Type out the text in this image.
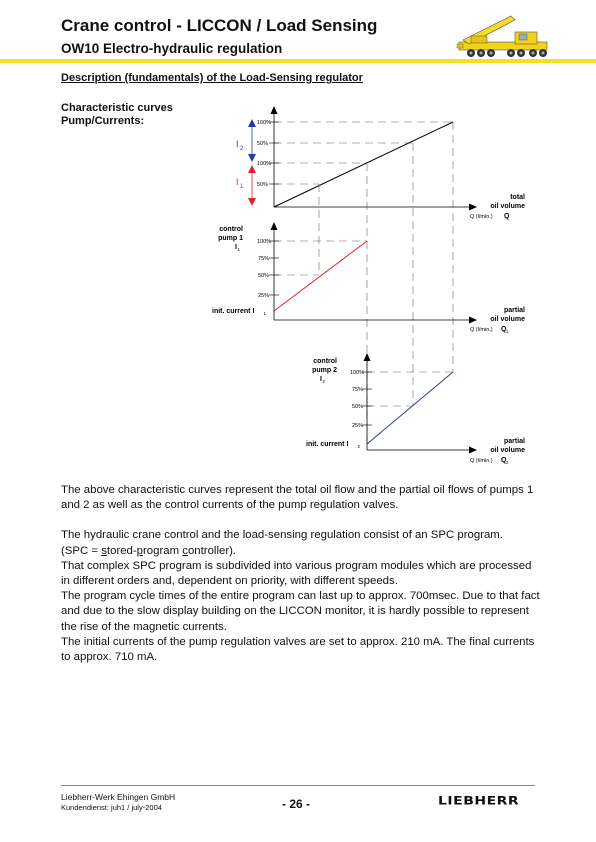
Crane control - LICCON / Load Sensing
OW10 Electro-hydraulic regulation
Description (fundamentals) of the Load-Sensing regulator
Characteristic curves
Pump/Currents:	100%
50%
100%
50%
I 2
I 1
total
oil volume
Q (l/min.) Q
100%
75%
50%
25%
control
pump 1
I 1
init. current I 1	partial
oil volume
Q (l/min.) Q 1
100%
75%
50%
25%
control
pump 2
I 2
init. current I 2
partial
oil volume
Q (l/min.) Q 2

The above characteristic curves represent the total oil flow and the partial oil flows of pumps 1 and 2 as well as the control currents of the pump regulation valves.

The hydraulic crane control and the load-sensing regulation consist of an SPC program.

(SPC = stored-program controller).

That complex SPC program is subdivided into various program modules which are processed in different orders and, dependent on priority, with different speeds.

The program cycle times of the entire program can last up to approx. 700msec. Due to that fact and due to the slow display building on the LICCON monitor, it is hardly possible to represent the rise of the magnetic currents.

The initial currents of the pump regulation valves are set to approx. 210 mA. The final currents to approx. 710 mA.

Liebherr-Werk Ehingen GmbH
Kundendienst: juh1 / july-2004	- 26 -	LIEBHERR
